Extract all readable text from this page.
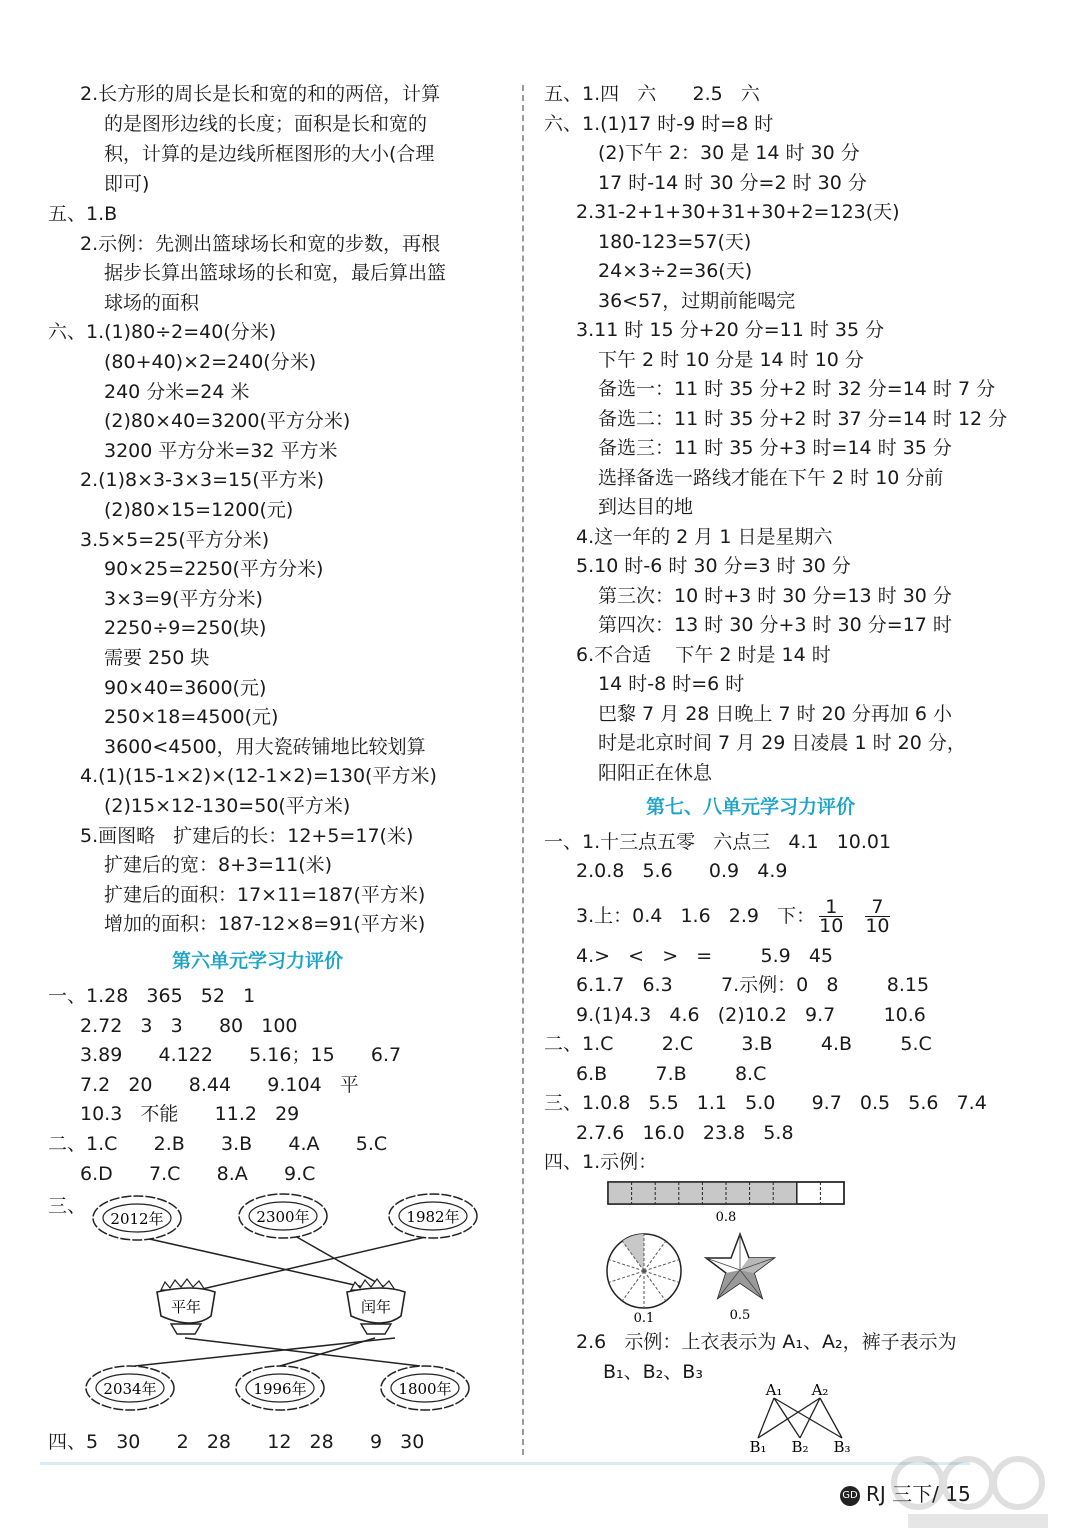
2.长方形的周长是长和宽的和的两倍，计算
的是图形边线的长度；面积是长和宽的
积，计算的是边线所框图形的大小(合理
即可)
五、1.B
2.示例：先测出篮球场长和宽的步数，再根
据步长算出篮球场的长和宽，最后算出篮
球场的面积
六、1.(1)80÷2=40(分米)
(80+40)×2=240(分米)
240 分米=24 米
(2)80×40=3200(平方分米)
3200 平方分米=32 平方米
2.(1)8×3-3×3=15(平方米)
(2)80×15=1200(元)
3.5×5=25(平方分米)
90×25=2250(平方分米)
3×3=9(平方分米)
2250÷9=250(块)
需要 250 块
90×40=3600(元)
250×18=4500(元)
3600<4500，用大瓷砖铺地比较划算
4.(1)(15-1×2)×(12-1×2)=130(平方米)
(2)15×12-130=50(平方米)
5.画图略   扩建后的长：12+5=17(米)
扩建后的宽：8+3=11(米)
扩建后的面积：17×11=187(平方米)
增加的面积：187-12×8=91(平方米)
第六单元学习力评价
一、1.28   365   52   1
2.72   3   3      80   100
3.89      4.122      5.16；15      6.7
7.2   20      8.44      9.104   平
10.3   不能      11.2   29
二、1.C      2.B      3.B      4.A      5.C
6.D      7.C      8.A      9.C
三、
2012年	2300年	1982年
平年	闰年
2034年	1996年	1800年
四、5   30      2   28      12   28      9   30
五、1.四   六      2.5   六
六、1.(1)17 时-9 时=8 时
(2)下午 2：30 是 14 时 30 分
17 时-14 时 30 分=2 时 30 分
2.31-2+1+30+31+30+2=123(天)
180-123=57(天)
24×3÷2=36(天)
36<57，过期前能喝完
3.11 时 15 分+20 分=11 时 35 分
下午 2 时 10 分是 14 时 10 分
备选一：11 时 35 分+2 时 32 分=14 时 7 分
备选二：11 时 35 分+2 时 37 分=14 时 12 分
备选三：11 时 35 分+3 时=14 时 35 分
选择备选一路线才能在下午 2 时 10 分前
到达目的地
4.这一年的 2 月 1 日是星期六
5.10 时-6 时 30 分=3 时 30 分
第三次：10 时+3 时 30 分=13 时 30 分
第四次：13 时 30 分+3 时 30 分=17 时
6.不合适    下午 2 时是 14 时
14 时-8 时=6 时
巴黎 7 月 28 日晚上 7 时 20 分再加 6 小
时是北京时间 7 月 29 日凌晨 1 时 20 分，
阳阳正在休息
第七、八单元学习力评价
一、1.十三点五零   六点三   4.1   10.01
2.0.8   5.6      0.9   4.9
3.上：0.4   1.6   2.9   下： $\frac{1}{10} \frac{7}{10}$
4.>   <   >   =        5.9   45
6.1.7   6.3        7.示例：0   8        8.15
9.(1)4.3   4.6   (2)10.2   9.7        10.6
二、1.C        2.C        3.B        4.B        5.C
6.B        7.B        8.C
三、1.0.8   5.5   1.1   5.0      9.7   0.5   5.6   7.4
2.7.6   16.0   23.8   5.8
四、1.示例：
0.8
0.1	0.5
2.6   示例：上衣表示为 A₁、A₂，裤子表示为
B₁、B₂、B₃
A₁ A₂
B₁ B₂ B₃
GD RJ 三下/ 15
